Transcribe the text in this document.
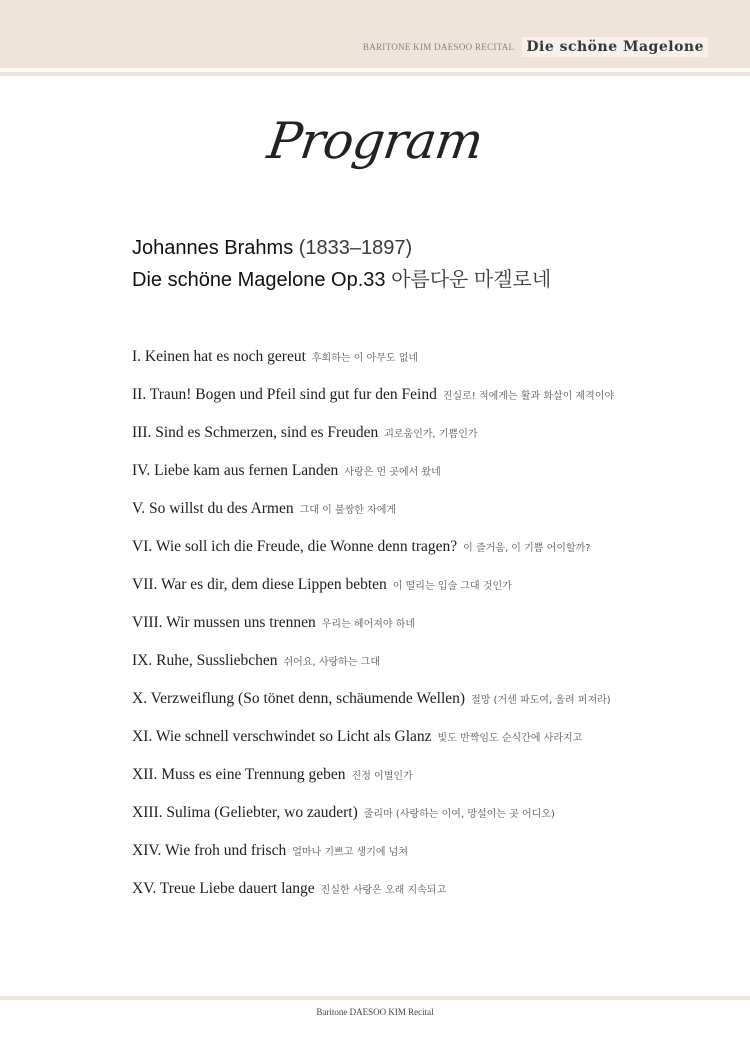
BARITONE KIM DAESOO RECITAL Die schöne Magelone
Program
Johannes Brahms (1833–1897)
Die schöne Magelone Op.33 아름다운 마겔로네
I. Keinen hat es noch gereut 후회하는 이 아무도 없네
II. Traun! Bogen und Pfeil sind gut fur den Feind 진실로! 적에게는 활과 화살이 제격이야
III. Sind es Schmerzen, sind es Freuden 괴로움인가, 기쁨인가
IV. Liebe kam aus fernen Landen 사랑은 먼 곳에서 왔네
V. So willst du des Armen 그대 이 불쌍한 자에게
VI. Wie soll ich die Freude, die Wonne denn tragen? 이 즐거움, 이 기쁨 어이할까?
VII. War es dir, dem diese Lippen bebten 이 떨리는 입술 그대 것인가
VIII. Wir mussen uns trennen 우리는 헤어져야 하네
IX. Ruhe, Sussliebchen 쉬어요, 사랑하는 그대
X. Verzweiflung (So tönet denn, schäumende Wellen) 절망 (거센 파도여, 울려 퍼져라)
XI. Wie schnell verschwindet so Licht als Glanz 빛도 반짝임도 순식간에 사라지고
XII. Muss es eine Trennung geben 진정 이별인가
XIII. Sulima (Geliebter, wo zaudert) 줄리마 (사랑하는 이여, 망설이는 곳 어디오)
XIV. Wie froh und frisch 얼마나 기쁘고 생기에 넘쳐
XV. Treue Liebe dauert lange 진실한 사랑은 오래 지속되고
Baritone DAESOO KIM Recital
